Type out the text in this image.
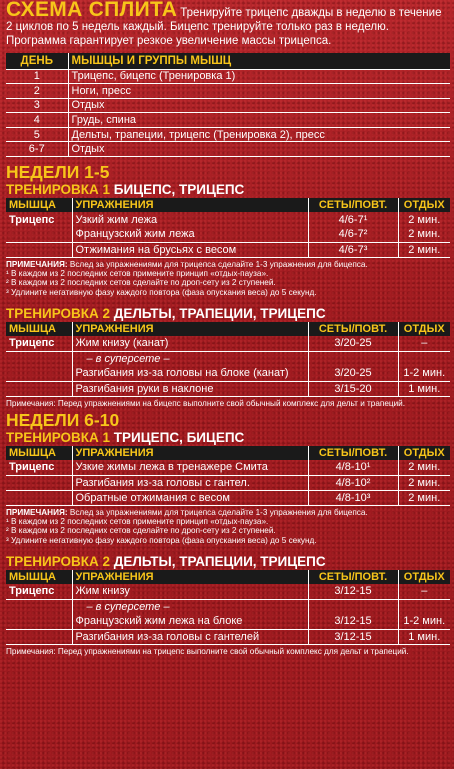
СХЕМА СПЛИТА Тренируйте трицепс дважды в неделю в течение 2 циклов по 5 недель каждый. Бицепс тренируйте только раз в неделю. Программа гарантирует резкое увеличение массы трицепса.
ДЕНЬ	МЫШЦЫ И ГРУППЫ МЫШЦ
1	Трицепс, бицепс (Тренировка 1)
2	Ноги, пресс
3	Отдых
4	Грудь, спина
5	Дельты, трапеции, трицепс (Тренировка 2), пресс
6-7	Отдых
НЕДЕЛИ 1-5
ТРЕНИРОВКА 1 БИЦЕПС, ТРИЦЕПС
МЫШЦА	УПРАЖНЕНИЯ	СЕТЫ/ПОВТ.	ОТДЫХ
Трицепс	Узкий жим лежа	4/6-7¹	2 мин.
	Французский жим лежа	4/6-7²	2 мин.
	Отжимания на брусьях с весом	4/6-7³	2 мин.
ПРИМЕЧАНИЯ: Вслед за упражнениями для трицепса сделайте 1-3 упражнения для бицепса.
¹ В каждом из 2 последних сетов примените принцип «отдых-пауза».
² В каждом из 2 последних сетов сделайте по дроп-сету из 2 ступеней.
³ Удлините негативную фазу каждого повтора (фаза опускания веса) до 5 секунд.
ТРЕНИРОВКА 2 ДЕЛЬТЫ, ТРАПЕЦИИ, ТРИЦЕПС
МЫШЦА	УПРАЖНЕНИЯ	СЕТЫ/ПОВТ.	ОТДЫХ
Трицепс	Жим книзу (канат)	3/20-25	–
	– в суперсете –		
	Разгибания из-за головы на блоке (канат)	3/20-25	1-2 мин.
	Разгибания руки в наклоне	3/15-20	1 мин.
Примечания: Перед упражнениями на бицепс выполните свой обычный комплекс для дельт и трапеций.
НЕДЕЛИ 6-10
ТРЕНИРОВКА 1 ТРИЦЕПС, БИЦЕПС
МЫШЦА	УПРАЖНЕНИЯ	СЕТЫ/ПОВТ.	ОТДЫХ
Трицепс	Узкие жимы лежа в тренажере Смита	4/8-10¹	2 мин.
	Разгибания из-за головы с гантел.	4/8-10²	2 мин.
	Обратные отжимания с весом	4/8-10³	2 мин.
ПРИМЕЧАНИЯ: Вслед за упражнениями для трицепса сделайте 1-3 упражнения для бицепса.
¹ В каждом из 2 последних сетов примените принцип «отдых-пауза».
² В каждом из 2 последних сетов сделайте по дроп-сету из 2 ступеней.
³ Удлините негативную фазу каждого повтора (фаза опускания веса) до 5 секунд.
ТРЕНИРОВКА 2 ДЕЛЬТЫ, ТРАПЕЦИИ, ТРИЦЕПС
МЫШЦА	УПРАЖНЕНИЯ	СЕТЫ/ПОВТ.	ОТДЫХ
Трицепс	Жим книзу	3/12-15	–
	– в суперсете –		
	Французский жим лежа на блоке	3/12-15	1-2 мин.
	Разгибания из-за головы с гантелей	3/12-15	1 мин.
Примечания: Перед упражнениями на трицепс выполните свой обычный комплекс для дельт и трапеций.
